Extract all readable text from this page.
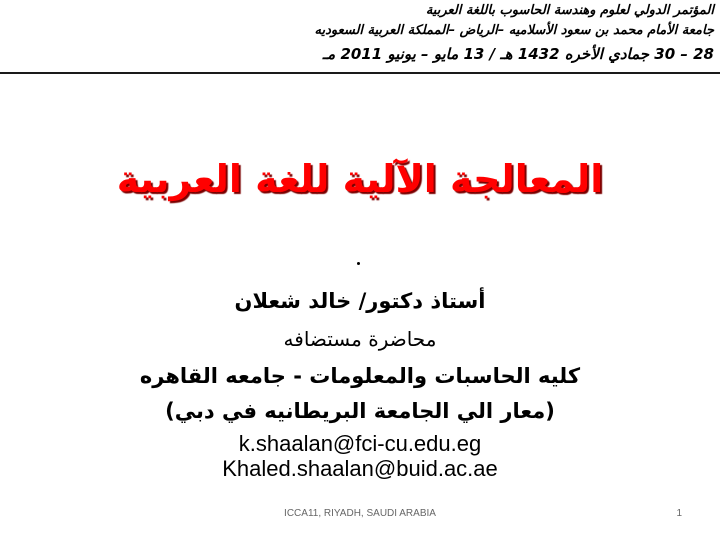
المؤتمر الدولي لعلوم وهندسة الحاسوب باللغة العربية
جامعة الأمام محمد بن سعود الأسلاميه –الرياض –المملكة العربية السعوديه
28 – 30 جمادي الأخره 1432 هـ / 13 مايو – يونيو 2011 مـ
المعالجة الآلية للغة العربية
أستاذ دكتور/ خالد شعلان
محاضرة مستضافه
كليه الحاسبات والمعلومات - جامعه القاهره
(معار الي الجامعة البريطانيه في دبي)
k.shaalan@fci-cu.edu.eg
Khaled.shaalan@buid.ac.ae
ICCA11, RIYADH, SAUDI ARABIA	1
